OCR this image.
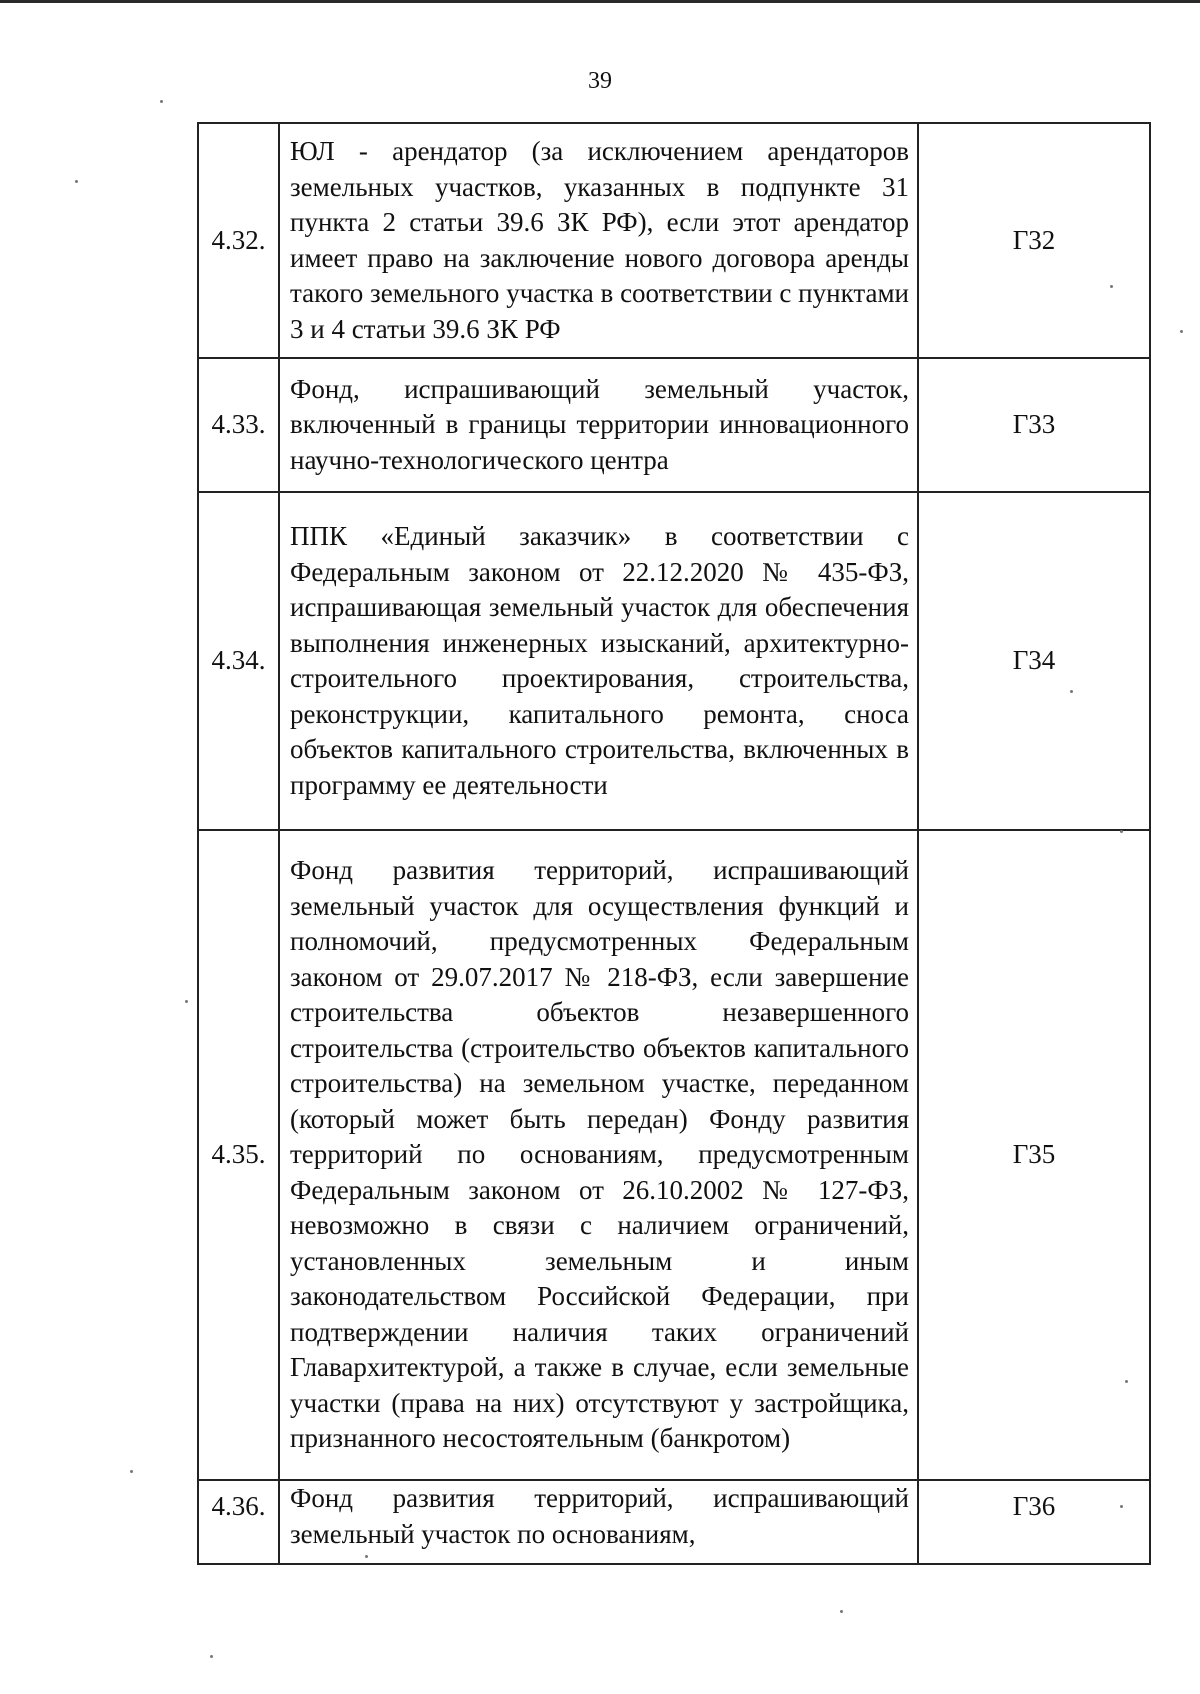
39
4.32.	ЮЛ - арендатор (за исключением арендаторов земельных участков, указанных в подпункте 31 пункта 2 статьи 39.6 ЗК РФ), если этот арендатор имеет право на заключение нового договора аренды такого земельного участка в соответствии с пунктами 3 и 4 статьи 39.6 ЗК РФ	Г32
4.33.	Фонд, испрашивающий земельный участок, включенный в границы территории инновационного научно-технологического центра	Г33
4.34.	ППК «Единый заказчик» в соответствии с Федеральным законом от 22.12.2020 № 435-ФЗ, испрашивающая земельный участок для обеспечения выполнения инженерных изысканий, архитектурно-строительного проектирования, строительства, реконструкции, капитального ремонта, сноса объектов капитального строительства, включенных в программу ее деятельности	Г34
4.35.	Фонд развития территорий, испрашивающий земельный участок для осуществления функций и полномочий, предусмотренных Федеральным законом от 29.07.2017 № 218-ФЗ, если завершение строительства объектов незавершенного строительства (строительство объектов капитального строительства) на земельном участке, переданном (который может быть передан) Фонду развития территорий по основаниям, предусмотренным Федеральным законом от 26.10.2002 № 127-ФЗ, невозможно в связи с наличием ограничений, установленных земельным и иным законодательством Российской Федерации, при подтверждении наличия таких ограничений Главархитектурой, а также в случае, если земельные участки (права на них) отсутствуют у застройщика, признанного несостоятельным (банкротом)	Г35
4.36.	Фонд развития территорий, испрашивающий земельный участок по основаниям,	Г36
